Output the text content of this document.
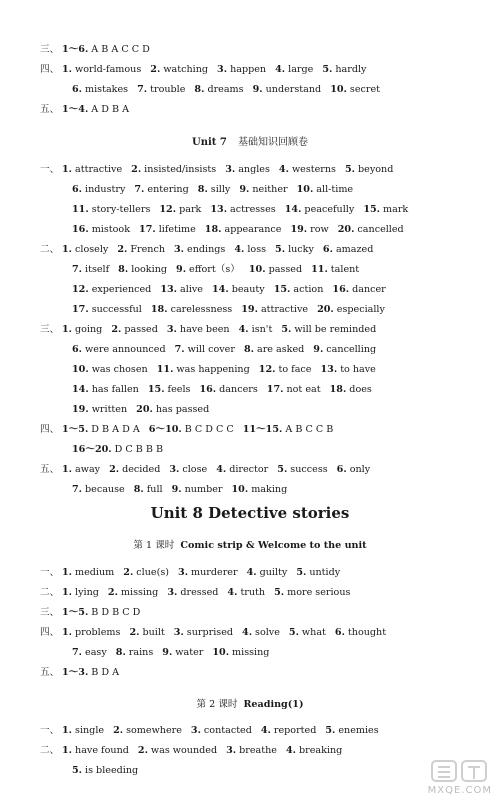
三、 1～6. A B A C C D
四、 1. world-famous 2. watching 3. happen 4. large 5. hardly
6. mistakes 7. trouble 8. dreams 9. understand 10. secret
五、 1～4. A D B A
Unit 7 基础知识回顾卷
一、 1. attractive 2. insisted/insists 3. angles 4. westerns 5. beyond
6. industry 7. entering 8. silly 9. neither 10. all-time
11. story-tellers 12. park 13. actresses 14. peacefully 15. mark
16. mistook 17. lifetime 18. appearance 19. row 20. cancelled
二、 1. closely 2. French 3. endings 4. loss 5. lucky 6. amazed
7. itself 8. looking 9. effort（s） 10. passed 11. talent
12. experienced 13. alive 14. beauty 15. action 16. dancer
17. successful 18. carelessness 19. attractive 20. especially
三、 1. going 2. passed 3. have been 4. isn't 5. will be reminded
6. were announced 7. will cover 8. are asked 9. cancelling
10. was chosen 11. was happening 12. to face 13. to have
14. has fallen 15. feels 16. dancers 17. not eat 18. does
19. written 20. has passed
四、 1～5. D B A D A 6～10. B C D C C 11～15. A B C C B
16～20. D C B B B
五、 1. away 2. decided 3. close 4. director 5. success 6. only
7. because 8. full 9. number 10. making
Unit 8 Detective stories
第 1 课时 Comic strip & Welcome to the unit
一、 1. medium 2. clue(s) 3. murderer 4. guilty 5. untidy
二、 1. lying 2. missing 3. dressed 4. truth 5. more serious
三、 1～5. B D B C D
四、 1. problems 2. built 3. surprised 4. solve 5. what 6. thought
7. easy 8. rains 9. water 10. missing
五、 1～3. B D A
第 2 课时 Reading(1)
一、 1. single 2. somewhere 3. contacted 4. reported 5. enemies
二、 1. have found 2. was wounded 3. breathe 4. breaking
5. is bleeding
MXQE.COM
